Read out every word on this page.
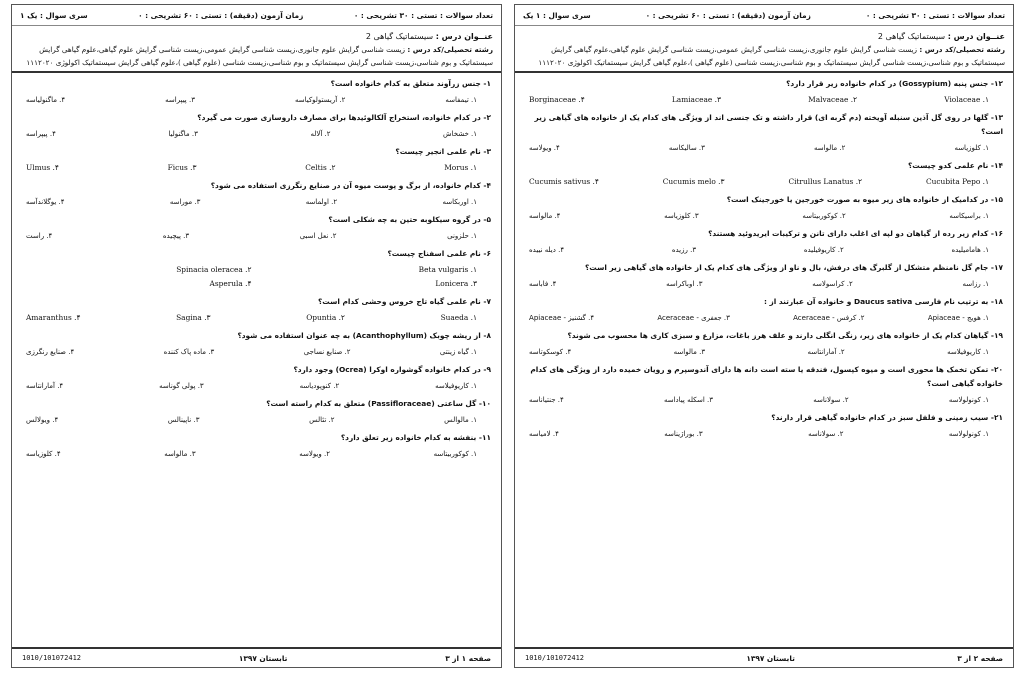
تعداد سوالات : تستی : ۳۰ تشریحی : ۰
زمان آزمون (دقیقه) : تستی : ۶۰ تشریحی : ۰
سری سوال : یک ۱
عنــوان درس : سیستماتیک گیاهی 2
رشته تحصیلی/کد درس : زیست شناسی گرایش علوم جانوری،زیست شناسی گرایش عمومی،زیست شناسی گرایش علوم گیاهی،علوم گیاهی گرایش سیستماتیک و بوم شناسی،زیست شناسی گرایش سیستماتیک و بوم شناسی،زیست شناسی (علوم گیاهی )،علوم گیاهی گرایش سیستماتیک اکولوژی ۱۱۱۲۰۲۰
۱- جنس زرآوند متعلق به کدام خانواده است؟
۱. تیمفاسه
۲. آریستولوکیاسه
۳. پیپراسه
۴. ماگنولیاسه
۲- در کدام خانواده، استخراج آلکالوئیدها برای مصارف داروسازی صورت می گیرد؟
۱. خشخاش
۲. آلاله
۳. ماگنولیا
۴. پیپراسه
۳- نام علمی انجیر چیست؟
Morus .۱
Celtis .۲
Ficus .۳
Ulmus .۴
۴- کدام خانواده، از برگ و پوست میوه آن در صنایع رنگرزی استفاده می شود؟
۱. اوربکاسه
۲. اولماسه
۳. موراسه
۴. یوگلاندآسه
۵- در گروه سیکلوبه حتین به چه شکلی است؟
۱. حلزونی
۲. نعل اسبی
۳. پیچیده
۴. راست
۶- نام علمی اسفناج چیست؟
Beta vulgaris .۱
Spinacia oleracea .۲
Lonicera .۳
Asperula .۴
۷- نام علمی گیاه تاج خروس وحشی کدام است؟
Suaeda .۱
Opuntia .۲
Sagina .۳
Amaranthus .۴
۸- از ریشه چوبک (Acanthophyllum) به چه عنوان استفاده می شود؟
۱. گیاه زینتی
۲. صنایع نساجی
۳. ماده پاک کننده
۴. صنایع رنگرزی
۹- در کدام خانواده گوشواره اوکرا (Ocrea) وجود دارد؟
۱. کاریوفیلاسه
۲. کنوپودیاسه
۳. پولی گوناسه
۴. آمارانتاسه
۱۰- گل ساعتی (Passifloraceae) متعلق به کدام راسته است؟
۱. مالوالس
۲. تئالس
۳. ناپینالس
۴. ویولالس
۱۱- بنفشه به کدام خانواده زیر تعلق دارد؟
۱. کوکوربیتاسه
۲. ویولاسه
۳. مالواسه
۴. کلوزیاسه
صفحه ۱ از ۳
تابستان ۱۳۹۷
1010/101072412
تعداد سوالات : تستی : ۳۰ تشریحی : ۰
زمان آزمون (دقیقه) : تستی : ۶۰ تشریحی : ۰
سری سوال : ۱ یک
عنــوان درس : سیستماتیک گیاهی 2
رشته تحصیلی/کد درس : زیست شناسی گرایش علوم جانوری،زیست شناسی گرایش عمومی،زیست شناسی گرایش علوم گیاهی،علوم گیاهی گرایش سیستماتیک و بوم شناسی،زیست شناسی گرایش سیستماتیک و بوم شناسی،زیست شناسی (علوم گیاهی )،علوم گیاهی گرایش سیستماتیک اکولوژی ۱۱۱۲۰۲۰
۱۲- جنس پنبه (Gossypium) در کدام خانواده زیر قرار دارد؟
Violaceae .۱
Malvaceae .۲
Lamiaceae .۳
Borginaceae .۴
۱۳- گلها در روی گل آذین سنبله آویخته (دم گربه ای) قرار داشته و تک جنسی اند از ویژگی های کدام یک از خانواده های گیاهی زیر است؟
۱. کلوزیاسه
۲. مالواسه
۳. سالیکاسه
۴. ویولاسه
۱۴- نام علمی کدو چیست؟
Cucubita Pepo .۱
Citrullus Lanatus .۲
Cucumis melo .۳
Cucumis sativus .۴
۱۵- در کدامیک از خانواده های زیر میوه به صورت خورجین یا خورجینک است؟
۱. براسیکاسه
۲. کوکوربیتاسه
۳. کلوزیاسه
۴. مالواسه
۱۶- کدام زیر رده از گیاهان دو لپه ای اغلب دارای تانن و ترکیبات ایریدوئید هستند؟
۱. هامامیلیده
۲. کاریوفیلیده
۳. رزیده
۴. دیله نییده
۱۷- جام گل نامنظم متشکل از گلبرگ های درفش، بال و ناو از ویژگی های کدام یک از خانواده های گیاهی زیر است؟
۱. رزاسه
۲. کراسولاسه
۳. اوباکراسه
۴. فاباسه
۱۸- به ترتیب نام فارسی Daucus sativa و خانواده آن عبارتند از :
۱. هویج - Apiaceae
۲. کرفس - Aceraceae
۳. جعفری - Aceraceae
۴. گشنیز - Apiaceae
۱۹- گیاهان کدام یک از خانواده های زیر، زنگی انگلی دارند و علف هرز باغات، مزارع و سبزی کاری ها محسوب می شوند؟
۱. کاریوفیلاسه
۲. آمارانتاسه
۳. مالواسه
۴. کوسکوتاسه
۲۰- تمکن تخمک ها محوری است و میوه کپسول، فندقه یا سته است دانه ها دارای آندوسپرم و رویان خمیده دارد از ویژگی های کدام خانواده گیاهی است؟
۱. کونولولاسه
۲. سولاناسه
۳. اسکله پیاداسه
۴. جنتیاناسه
۲۱- سیب زمینی و فلفل سبز در کدام خانواده گیاهی قرار دارند؟
۱. کونولولاسه
۲. سولاناسه
۳. بوراژیناسه
۴. لامیاسه
صفحه ۲ از ۳
تابستان ۱۳۹۷
1010/101072412
